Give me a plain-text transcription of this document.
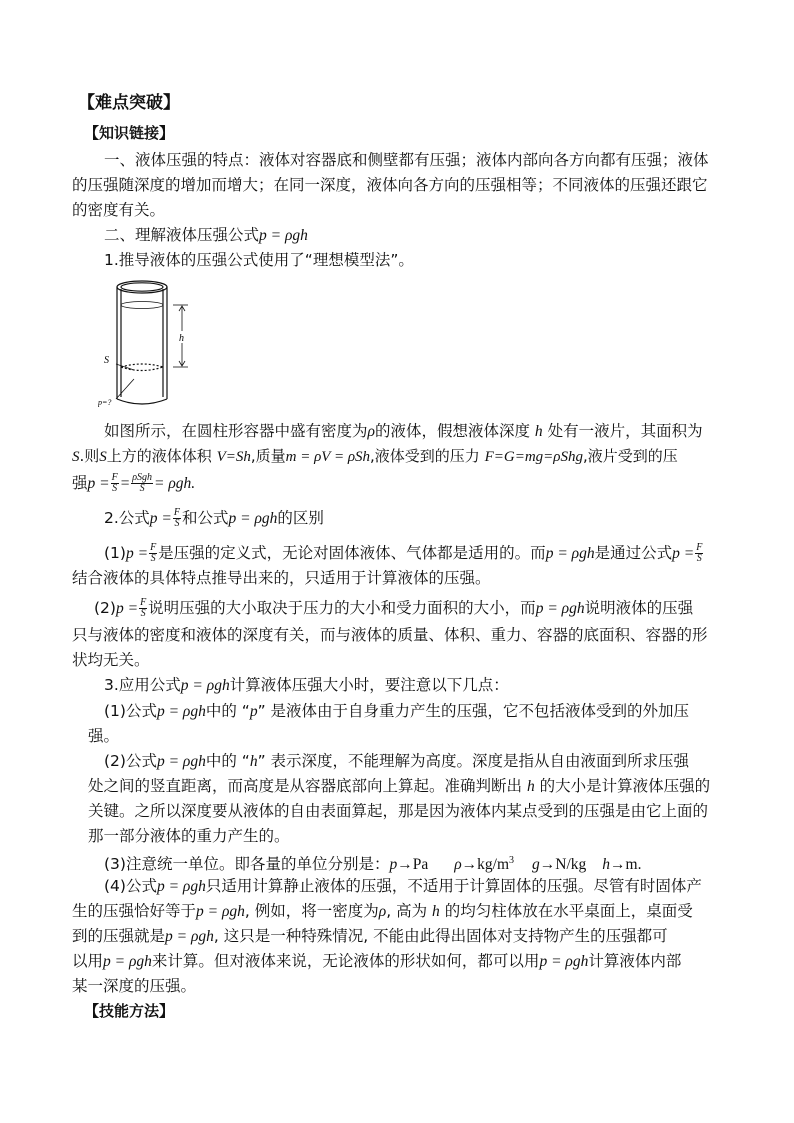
【难点突破】
【知识链接】
一、液体压强的特点：液体对容器底和侧壁都有压强；液体内部向各方向都有压强；液体
的压强随深度的增加而增大；在同一深度，液体向各方向的压强相等；不同液体的压强还跟它
的密度有关。
二、理解液体压强公式p = ρgh
1.推导液体的压强公式使用了“理想模型法”。
h
S
p=?
如图所示，在圆柱形容器中盛有密度为ρ的液体，假想液体深度 h 处有一液片，其面积为
S.则S上方的液体体积 V=Sh,质量m = ρV = ρSh,液体受到的压力 F=G=mg=ρShg,液片受到的压
强$p = \frac{F}{S} = \frac{\text{ρSgh}}{S} = \rho gh$.
2.公式$p = \frac{F}{S}$ 和公式p = ρgh的区别
$(1)p = \frac{F}{S}$ 是压强的定义式，无论对固体液体、气体都是适用的。而p = ρgh是通过公式$p = \frac{F}{S}$
结合液体的具体特点推导出来的，只适用于计算液体的压强。
$(2)p = \frac{F}{S}$ 说明压强的大小取决于压力的大小和受力面积的大小，而p = ρgh说明液体的压强
只与液体的密度和液体的深度有关，而与液体的质量、体积、重力、容器的底面积、容器的形
状均无关。
3.应用公式p = ρgh计算液体压强大小时，要注意以下几点：
(1)公式p = ρgh中的 “p” 是液体由于自身重力产生的压强，它不包括液体受到的外加压
强。
(2)公式p = ρgh中的 “h” 表示深度，不能理解为高度。深度是指从自由液面到所求压强
处之间的竖直距离，而高度是从容器底部向上算起。准确判断出 h 的大小是计算液体压强的
关键。之所以深度要从液体的自由表面算起，那是因为液体内某点受到的压强是由它上面的
那一部分液体的重力产生的。
(3)注意统一单位。即各量的单位分别是：p→Pa $\rho\to kg/m^3$ g→N/kg h→m.
(4)公式p = ρgh只适用计算静止液体的压强，不适用于计算固体的压强。尽管有时固体产
生的压强恰好等于p = ρgh, 例如，将一密度为ρ, 高为 h 的均匀柱体放在水平桌面上，桌面受
到的压强就是p = ρgh, 这只是一种特殊情况, 不能由此得出固体对支持物产生的压强都可
以用p = ρgh来计算。但对液体来说，无论液体的形状如何，都可以用p = ρgh计算液体内部
某一深度的压强。
【技能方法】
